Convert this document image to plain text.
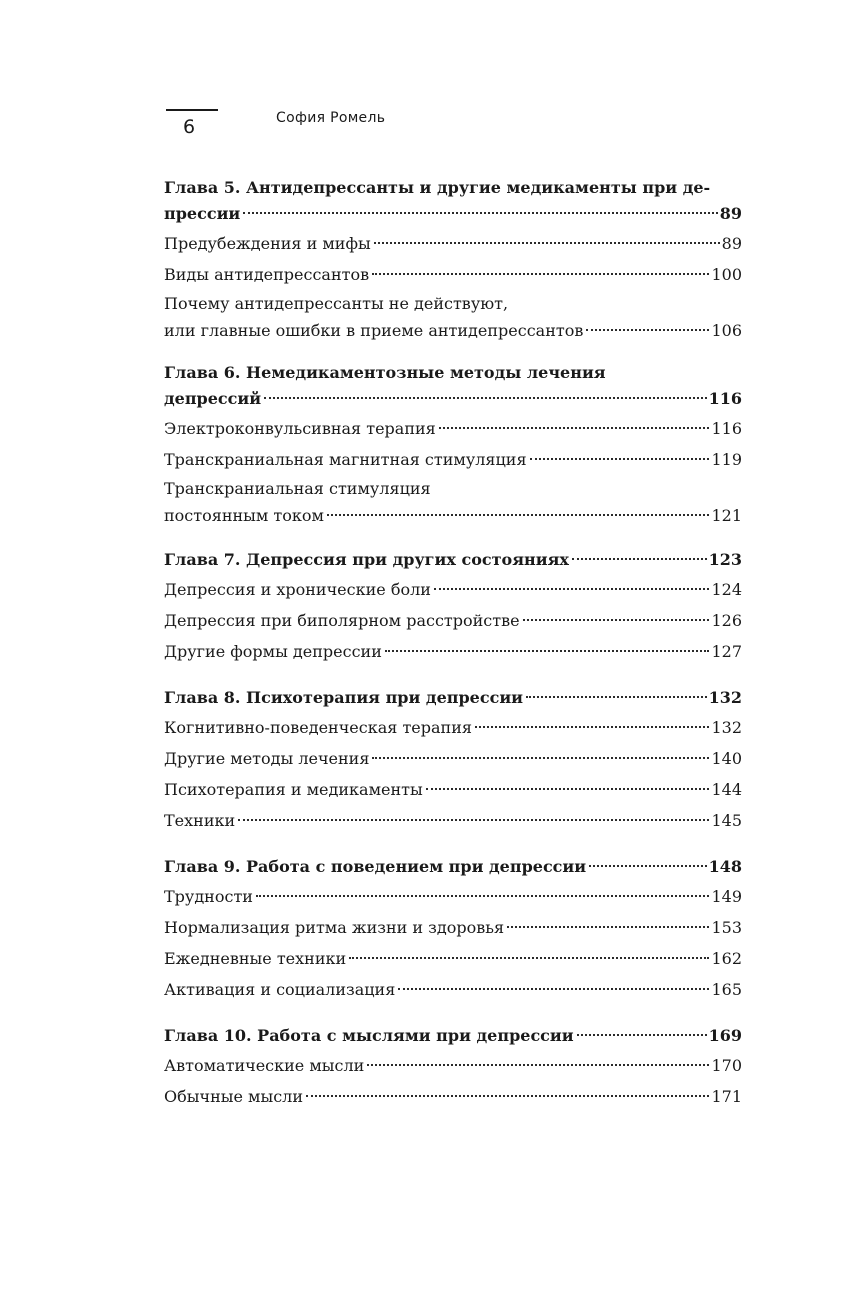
6	София Ромель
Глава 5. Антидепрессанты и другие медикаменты при де-
прессии	89
Предубеждения и мифы	89
Виды антидепрессантов	100
Почему антидепрессанты не действуют,
или главные ошибки в приеме антидепрессантов	106
Глава 6. Немедикаментозные методы лечения
депрессий	116
Электроконвульсивная терапия	116
Транскраниальная магнитная стимуляция	119
Транскраниальная стимуляция
постоянным током	121
Глава 7. Депрессия при других состояниях	123
Депрессия и хронические боли	124
Депрессия при биполярном расстройстве	126
Другие формы депрессии	127
Глава 8. Психотерапия при депрессии	132
Когнитивно-поведенческая терапия	132
Другие методы лечения	140
Психотерапия и медикаменты	144
Техники	145
Глава 9. Работа с поведением при депрессии	148
Трудности	149
Нормализация ритма жизни и здоровья	153
Ежедневные техники	162
Активация и социализация	165
Глава 10. Работа с мыслями при депрессии	169
Автоматические мысли	170
Обычные мысли	171
